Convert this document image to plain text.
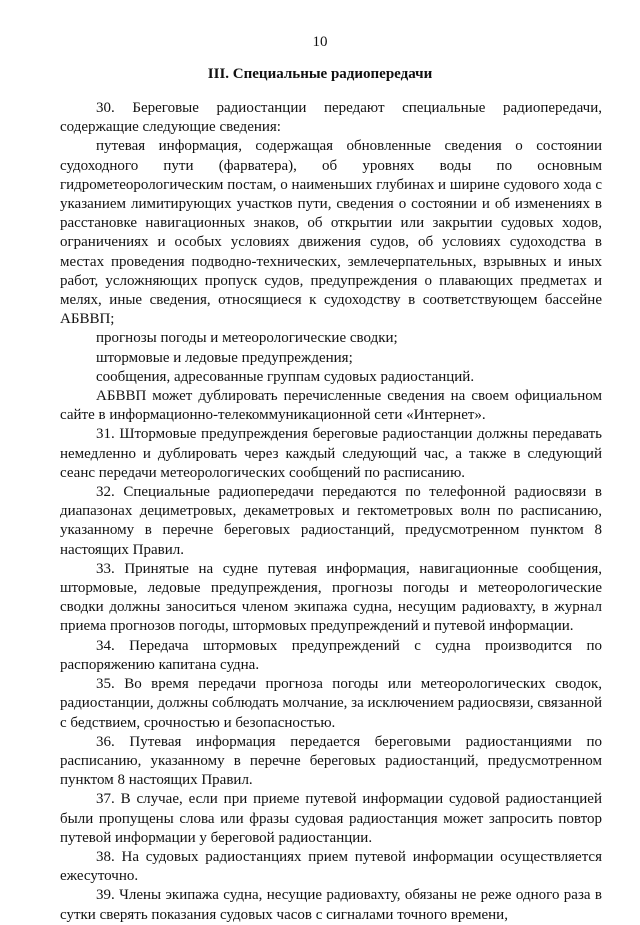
10
III. Специальные радиопередачи

30. Береговые радиостанции передают специальные радиопередачи, содержащие следующие сведения:

путевая информация, содержащая обновленные сведения о состоянии судоходного пути (фарватера), об уровнях воды по основным гидрометеорологическим постам, о наименьших глубинах и ширине судового хода с указанием лимитирующих участков пути, сведения о состоянии и об изменениях в расстановке навигационных знаков, об открытии или закрытии судовых ходов, ограничениях и особых условиях движения судов, об условиях судоходства в местах проведения подводно-технических, землечерпательных, взрывных и иных работ, усложняющих пропуск судов, предупреждения о плавающих предметах и мелях, иные сведения, относящиеся к судоходству в соответствующем бассейне АБВВП;

прогнозы погоды и метеорологические сводки;

штормовые и ледовые предупреждения;

сообщения, адресованные группам судовых радиостанций.

АБВВП может дублировать перечисленные сведения на своем официальном сайте в информационно-телекоммуникационной сети «Интернет».

31. Штормовые предупреждения береговые радиостанции должны передавать немедленно и дублировать через каждый следующий час, а также в следующий сеанс передачи метеорологических сообщений по расписанию.

32. Специальные радиопередачи передаются по телефонной радиосвязи в диапазонах дециметровых, декаметровых и гектометровых волн по расписанию, указанному в перечне береговых радиостанций, предусмотренном пунктом 8 настоящих Правил.

33. Принятые на судне путевая информация, навигационные сообщения, штормовые, ледовые предупреждения, прогнозы погоды и метеорологические сводки должны заноситься членом экипажа судна, несущим радиовахту, в журнал приема прогнозов погоды, штормовых предупреждений и путевой информации.

34. Передача штормовых предупреждений с судна производится по распоряжению капитана судна.

35. Во время передачи прогноза погоды или метеорологических сводок, радиостанции, должны соблюдать молчание, за исключением радиосвязи, связанной с бедствием, срочностью и безопасностью.

36. Путевая информация передается береговыми радиостанциями по расписанию, указанному в перечне береговых радиостанций, предусмотренном пунктом 8 настоящих Правил.

37. В случае, если при приеме путевой информации судовой радиостанцией были пропущены слова или фразы судовая радиостанция может запросить повтор путевой информации у береговой радиостанции.

38. На судовых радиостанциях прием путевой информации осуществляется ежесуточно.

39. Члены экипажа судна, несущие радиовахту, обязаны не реже одного раза в сутки сверять показания судовых часов с сигналами точного времени,
